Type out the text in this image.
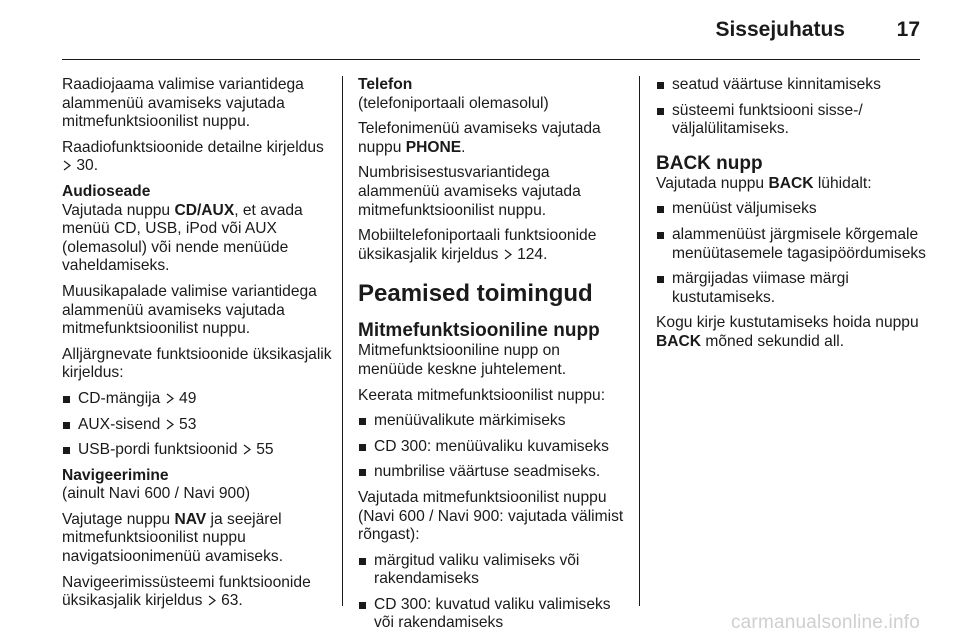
Sissejuhatus 17

Raadiojaama valimise variantidega alammenüü avamiseks vajutada mitmefunktsioonilist nuppu.

Raadiofunktsioonide detailne kirjeldus  30.

Audioseade

Vajutada nuppu CD/AUX, et avada menüü CD, USB, iPod või AUX (olemasolul) või nende menüüde vaheldamiseks.

Muusikapalade valimise variantidega alammenüü avamiseks vajutada mitmefunktsioonilist nuppu.

Alljärgnevate funktsioonide üksikasjalik kirjeldus:

CD-mängija 49
AUX-sisend 53
USB-pordi funktsioonid 55

Navigeerimine

(ainult Navi 600 / Navi 900)

Vajutage nuppu NAV ja seejärel mitmefunktsioonilist nuppu navigatsioonimenüü avamiseks.

Navigeerimissüsteemi funktsioonide üksikasjalik kirjeldus 63.

Telefon

(telefoniportaali olemasolul)

Telefonimenüü avamiseks vajutada nuppu PHONE.

Numbrisisestusvariantidega alammenüü avamiseks vajutada mitmefunktsioonilist nuppu.

Mobiiltelefoniportaali funktsioonide üksikasjalik kirjeldus 124.

Peamised toimingud
Mitmefunktsiooniline nupp

Mitmefunktsiooniline nupp on menüüde keskne juhtelement.

Keerata mitmefunktsioonilist nuppu:

menüüvalikute märkimiseks
CD 300: menüüvaliku kuvamiseks
numbrilise väärtuse seadmiseks.

Vajutada mitmefunktsioonilist nuppu (Navi 600 / Navi 900: vajutada välimist rõngast):

märgitud valiku valimiseks või rakendamiseks
CD 300: kuvatud valiku valimiseks või rakendamiseks
seatud väärtuse kinnitamiseks
süsteemi funktsiooni sisse-/ väljalülitamiseks.
BACK nupp

Vajutada nuppu BACK lühidalt:

menüüst väljumiseks
alammenüüst järgmisele kõrgemale menüütasemele tagasipöördumiseks
märgijadas viimase märgi kustutamiseks.

Kogu kirje kustutamiseks hoida nuppu BACK mõned sekundid all.

carmanualsonline.info
